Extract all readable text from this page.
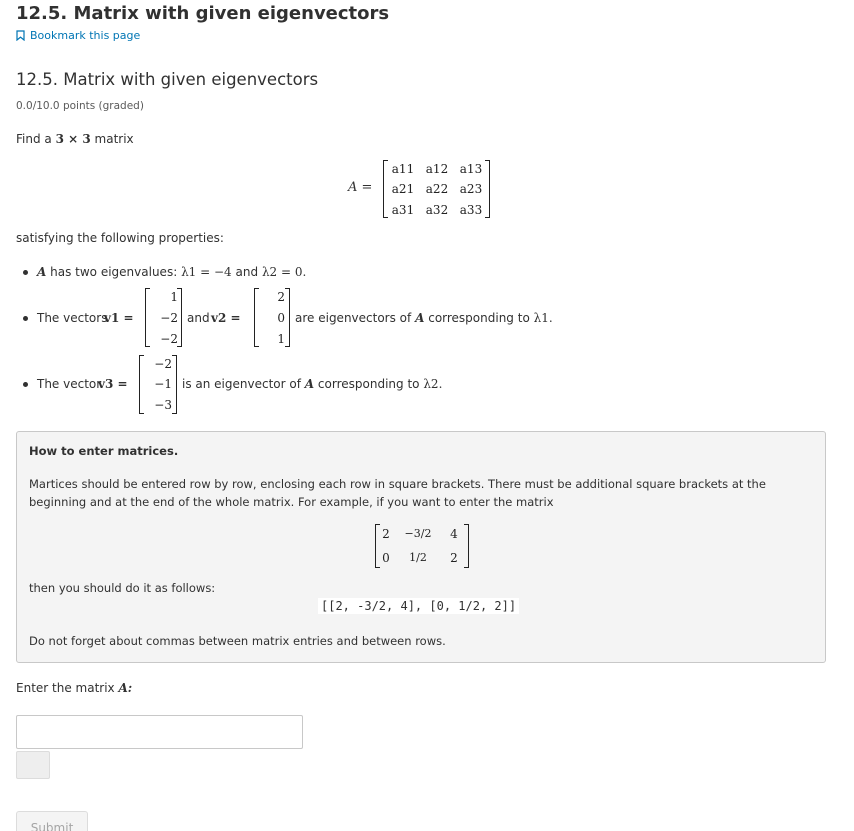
12.5. Matrix with given eigenvectors
Bookmark this page
12.5. Matrix with given eigenvectors
0.0/10.0 points (graded)
Find a 3 × 3 matrix
A =
a11 a12 a13
a21 a22 a23
a31 a32 a33
satisfying the following properties:
A has two eigenvalues: λ1 = −4 and λ2 = 0.
The vectors
v1 =
1
−2
−2
and v2 =
2
0
1
are eigenvectors of A corresponding to λ1.
The vector
v3 =
−2
−1
−3
is an eigenvector of A corresponding to λ2.
How to enter matrices.
Martices should be entered row by row, enclosing each row in square brackets. There must be additional square brackets at the beginning and at the end of the whole matrix. For example, if you want to enter the matrix
2	−3/2 4
0	1/2	2
then you should do it as follows:
[[2, -3/2, 4], [0, 1/2, 2]]
Do not forget about commas between matrix entries and between rows.
Enter the matrix A:
Submit
